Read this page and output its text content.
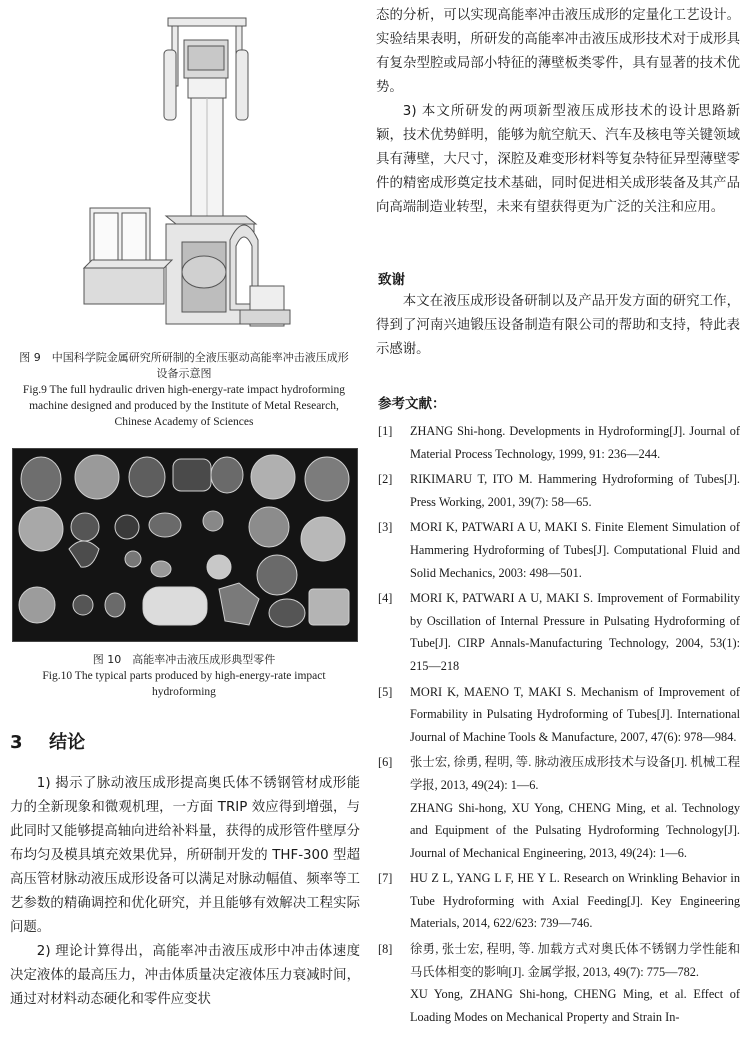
图 9　中国科学院金属研究所研制的全液压驱动高能率冲击液压成形设备示意图
Fig.9 The full hydraulic driven high-energy-rate impact hydroforming machine designed and produced by the Institute of Metal Research, Chinese Academy of Sciences
图 10　高能率冲击液压成形典型零件
Fig.10 The typical parts produced by high-energy-rate impact hydroforming
3 结论

1) 揭示了脉动液压成形提高奥氏体不锈钢管材成形能力的全新现象和微观机理，一方面 TRIP 效应得到增强，与此同时又能够提高轴向进给补料量，获得的成形管件壁厚分布均匀及模具填充效果优异，所研制开发的 THF-300 型超高压管材脉动液压成形设备可以满足对脉动幅值、频率等工艺参数的精确调控和优化研究，并且能够有效解决工程实际问题。

2) 理论计算得出，高能率冲击液压成形中冲击体速度决定液体的最高压力，冲击体质量决定液体压力衰减时间，通过对材料动态硬化和零件应变状

态的分析，可以实现高能率冲击液压成形的定量化工艺设计。实验结果表明，所研发的高能率冲击液压成形技术对于成形具有复杂型腔或局部小特征的薄壁板类零件，具有显著的技术优势。

3) 本文所研发的两项新型液压成形技术的设计思路新颖，技术优势鲜明，能够为航空航天、汽车及核电等关键领域具有薄壁，大尺寸，深腔及难变形材料等复杂特征异型薄壁零件的精密成形奠定技术基础，同时促进相关成形装备及其产品向高端制造业转型，未来有望获得更为广泛的关注和应用。

致谢

本文在液压成形设备研制以及产品开发方面的研究工作，得到了河南兴迪锻压设备制造有限公司的帮助和支持，特此表示感谢。

参考文献：
[1] ZHANG Shi-hong. Developments in Hydroforming[J]. Journal of Material Process Technology, 1999, 91: 236—244.
[2] RIKIMARU T, ITO M. Hammering Hydroforming of Tubes[J]. Press Working, 2001, 39(7): 58—65.
[3] MORI K, PATWARI A U, MAKI S. Finite Element Simulation of Hammering Hydroforming of Tubes[J]. Computational Fluid and Solid Mechanics, 2003: 498—501.
[4] MORI K, PATWARI A U, MAKI S. Improvement of Formability by Oscillation of Internal Pressure in Pulsating Hydroforming of Tube[J]. CIRP Annals-Manufacturing Technology, 2004, 53(1): 215—218
[5] MORI K, MAENO T, MAKI S. Mechanism of Improvement of Formability in Pulsating Hydroforming of Tubes[J]. International Journal of Machine Tools & Manufacture, 2007, 47(6): 978—984.
[6] 张士宏, 徐勇, 程明, 等. 脉动液压成形技术与设备[J]. 机械工程学报, 2013, 49(24): 1—6.
ZHANG Shi-hong, XU Yong, CHENG Ming, et al. Technology and Equipment of the Pulsating Hydroforming Technology[J]. Journal of Mechanical Engineering, 2013, 49(24): 1—6.
[7] HU Z L, YANG L F, HE Y L. Research on Wrinkling Behavior in Tube Hydroforming with Axial Feeding[J]. Key Engineering Materials, 2014, 622/623: 739—746.
[8] 徐勇, 张士宏, 程明, 等. 加载方式对奥氏体不锈钢力学性能和马氏体相变的影响[J]. 金属学报, 2013, 49(7): 775—782.
XU Yong, ZHANG Shi-hong, CHENG Ming, et al. Effect of Loading Modes on Mechanical Property and Strain In-
